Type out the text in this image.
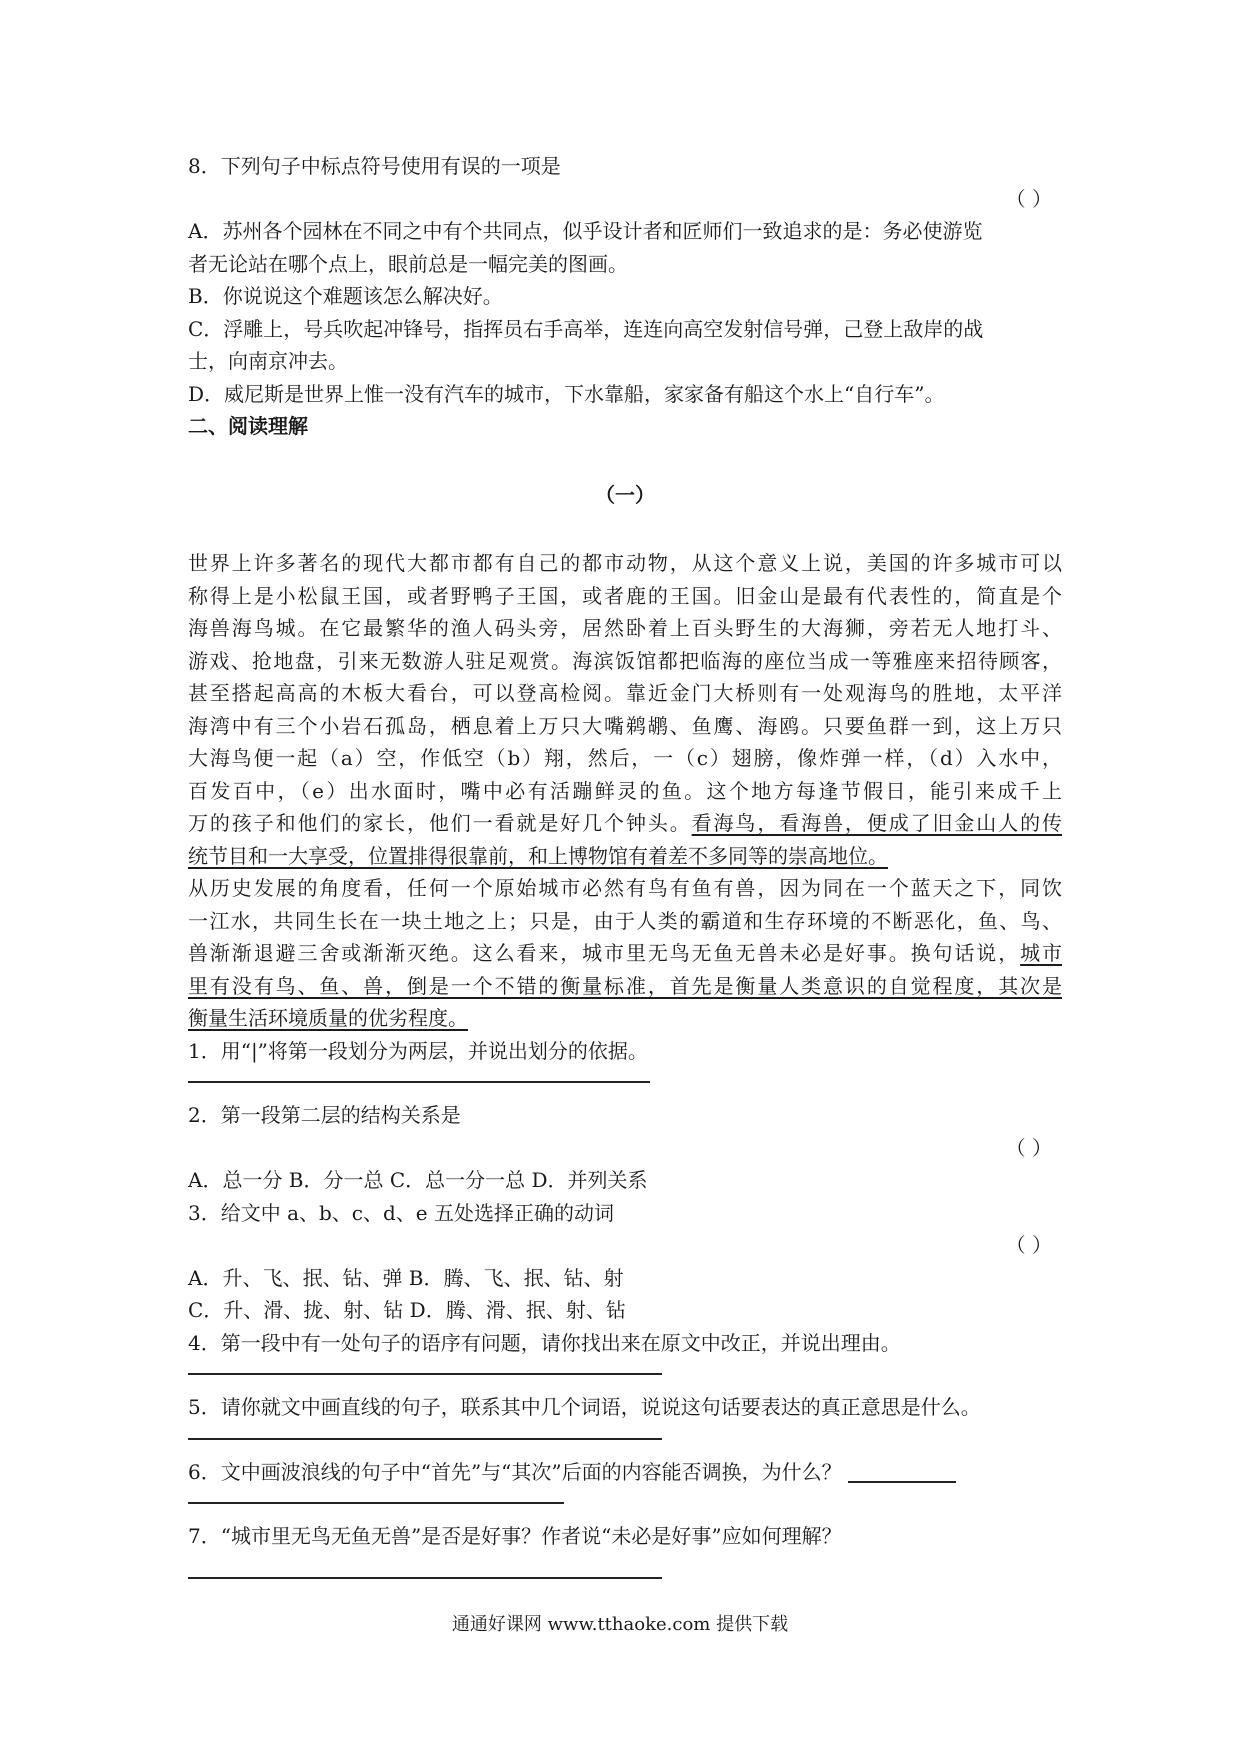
8．下列句子中标点符号使用有误的一项是
（ ）
A．苏州各个园林在不同之中有个共同点，似乎设计者和匠师们一致追求的是：务必使游览
者无论站在哪个点上，眼前总是一幅完美的图画。
B．你说说这个难题该怎么解决好。
C．浮雕上，号兵吹起冲锋号，指挥员右手高举，连连向高空发射信号弹，己登上敌岸的战
士，向南京冲去。
D．威尼斯是世界上惟一没有汽车的城市，下水靠船，家家备有船这个水上“自行车”。
二、阅读理解
（一）
世界上许多著名的现代大都市都有自己的都市动物，从这个意义上说，美国的许多城市可以
称得上是小松鼠王国，或者野鸭子王国，或者鹿的王国。旧金山是最有代表性的，简直是个
海兽海鸟城。在它最繁华的渔人码头旁，居然卧着上百头野生的大海狮，旁若无人地打斗、
游戏、抢地盘，引来无数游人驻足观赏。海滨饭馆都把临海的座位当成一等雅座来招待顾客，
甚至搭起高高的木板大看台，可以登高检阅。靠近金门大桥则有一处观海鸟的胜地，太平洋
海湾中有三个小岩石孤岛，栖息着上万只大嘴鹈鹕、鱼鹰、海鸥。只要鱼群一到，这上万只
大海鸟便一起（a）空，作低空（b）翔，然后，一（c）翅膀，像炸弹一样，（d）入水中，
百发百中，（e）出水面时，嘴中必有活蹦鲜灵的鱼。这个地方每逢节假日，能引来成千上
万的孩子和他们的家长，他们一看就是好几个钟头。看海鸟，看海兽，便成了旧金山人的传
统节目和一大享受，位置排得很靠前，和上博物馆有着差不多同等的崇高地位。
从历史发展的角度看，任何一个原始城市必然有鸟有鱼有兽，因为同在一个蓝天之下，同饮
一江水，共同生长在一块土地之上；只是，由于人类的霸道和生存环境的不断恶化，鱼、鸟、
兽渐渐退避三舍或渐渐灭绝。这么看来，城市里无鸟无鱼无兽未必是好事。换句话说，城市
里有没有鸟、鱼、兽，倒是一个不错的衡量标准，首先是衡量人类意识的自觉程度，其次是
衡量生活环境质量的优劣程度。
1．用“|”将第一段划分为两层，并说出划分的依据。
2．第一段第二层的结构关系是
（ ）
A．总一分 B．分一总 C．总一分一总 D．并列关系
3．给文中 a、b、c、d、e 五处选择正确的动词
（ ）
A．升、飞、抿、钻、弹 B．腾、飞、抿、钻、射
C．升、滑、拢、射、钻 D．腾、滑、抿、射、钻
4．第一段中有一处句子的语序有问题，请你找出来在原文中改正，并说出理由。
5．请你就文中画直线的句子，联系其中几个词语，说说这句话要表达的真正意思是什么。
6．文中画波浪线的句子中“首先”与“其次”后面的内容能否调换，为什么？
7．“城市里无鸟无鱼无兽”是否是好事？作者说“未必是好事”应如何理解？
通通好课网 www.tthaoke.com 提供下载
